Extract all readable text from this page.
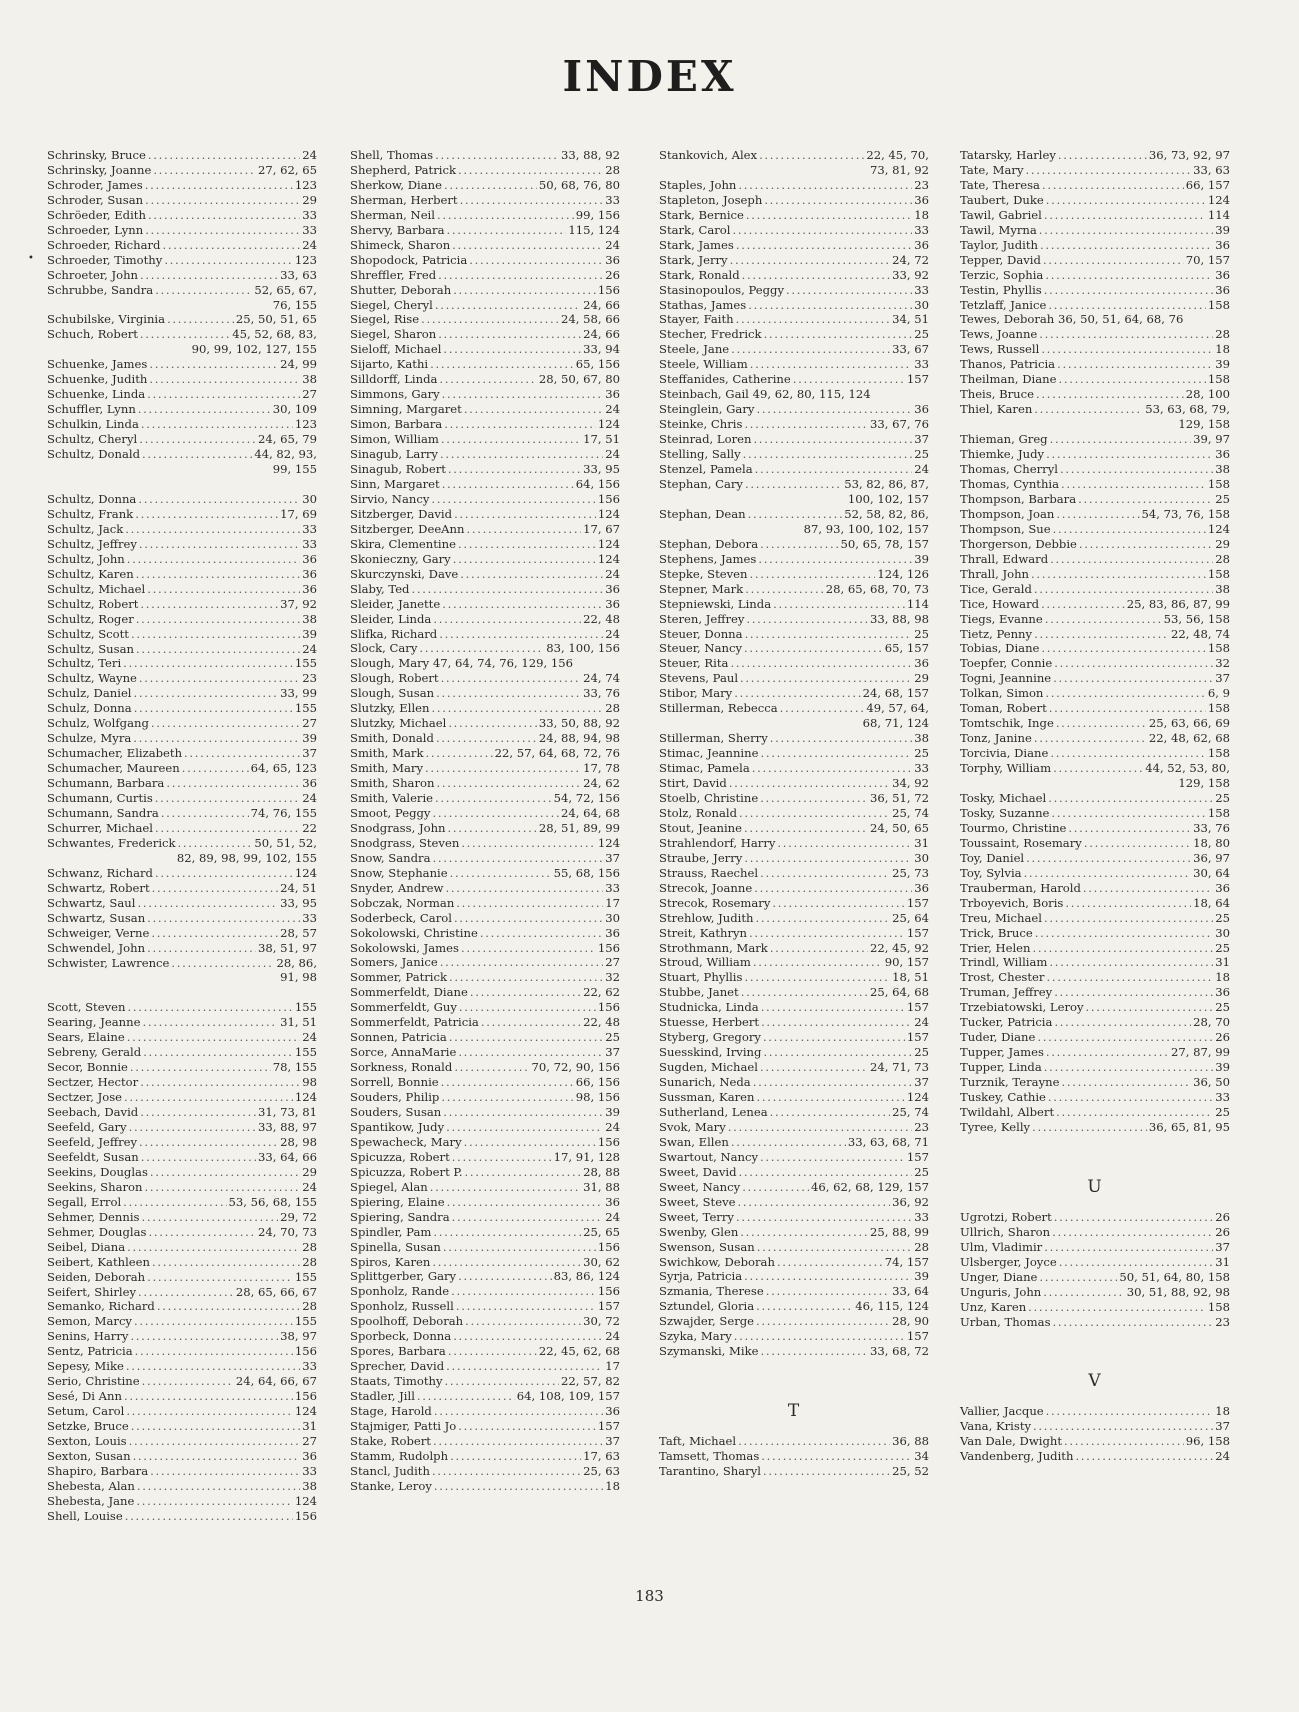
INDEX
•
Schrinsky, Bruce . . .	24
Schrinsky, Joanne . . .	27, 62, 65
Schroder, James . . .	123
Schroder, Susan . . .	29
Schröeder, Edith . . .	33
Schroeder, Lynn . . .	33
Schroeder, Richard . . .	24
Schroeder, Timothy . . .	123
Schroeter, John . . .	33, 63
Schrubbe, Sandra . . .	52, 65, 67,
76, 155
Schubilske, Virginia . . .	25, 50, 51, 65
Schuch, Robert . . .	45, 52, 68, 83,
90, 99, 102, 127, 155
Schuenke, James . . .	24, 99
Schuenke, Judith . . .	38
Schuenke, Linda . . .	27
Schuffler, Lynn . . .	30, 109
Schulkin, Linda . . .	123
Schultz, Cheryl . . .	24, 65, 79
Schultz, Donald . . .	44, 82, 93,
99, 155
Schultz, Donna . . .	30
Schultz, Frank . . .	17, 69
Schultz, Jack . . .	33
Schultz, Jeffrey . . .	33
Schultz, John . . .	36
Schultz, Karen . . .	36
Schultz, Michael . . .	36
Schultz, Robert . . .	37, 92
Schultz, Roger . . .	38
Schultz, Scott . . .	39
Schultz, Susan . . .	24
Schultz, Teri . . .	155
Schultz, Wayne . . .	23
Schulz, Daniel . . .	33, 99
Schulz, Donna . . .	155
Schulz, Wolfgang . . .	27
Schulze, Myra . . .	39
Schumacher, Elizabeth . . .	37
Schumacher, Maureen . . .	64, 65, 123
Schumann, Barbara . . .	36
Schumann, Curtis . . .	24
Schumann, Sandra . . .	74, 76, 155
Schurrer, Michael . . .	22
Schwantes, Frederick . . .	50, 51, 52,
82, 89, 98, 99, 102, 155
Schwanz, Richard . . .	124
Schwartz, Robert . . .	24, 51
Schwartz, Saul . . .	33, 95
Schwartz, Susan . . .	33
Schweiger, Verne . . .	28, 57
Schwendel, John . . .	38, 51, 97
Schwister, Lawrence . . .	28, 86,
91, 98
Scott, Steven . . .	155
Searing, Jeanne . . .	31, 51
Sears, Elaine . . .	24
Sebreny, Gerald . . .	155
Secor, Bonnie . . .	78, 155
Sectzer, Hector . . .	98
Sectzer, Jose . . .	124
Seebach, David . . .	31, 73, 81
Seefeld, Gary . . .	33, 88, 97
Seefeld, Jeffrey . . .	28, 98
Seefeldt, Susan . . .	33, 64, 66
Seekins, Douglas . . .	29
Seekins, Sharon . . .	24
Segall, Errol . . .	53, 56, 68, 155
Sehmer, Dennis . . .	29, 72
Sehmer, Douglas . . .	24, 70, 73
Seibel, Diana . . .	28
Seibert, Kathleen . . .	28
Seiden, Deborah . . .	155
Seifert, Shirley . . .	28, 65, 66, 67
Semanko, Richard . . .	28
Semon, Marcy . . .	155
Senins, Harry . . .	38, 97
Sentz, Patricia . . .	156
Sepesy, Mike . . .	33
Serio, Christine . . .	24, 64, 66, 67
Sesé, Di Ann . . .	156
Setum, Carol . . .	124
Setzke, Bruce . . .	31
Sexton, Louis . . .	27
Sexton, Susan . . .	36
Shapiro, Barbara . . .	33
Shebesta, Alan . . .	38
Shebesta, Jane . . .	124
Shell, Louise . . .	156
Shell, Thomas . . .	33, 88, 92
Shepherd, Patrick . . .	28
Sherkow, Diane . . .	50, 68, 76, 80
Sherman, Herbert . . .	33
Sherman, Neil . . .	99, 156
Shervy, Barbara . . .	115, 124
Shimeck, Sharon . . .	24
Shopodock, Patricia . . .	36
Shreffler, Fred . . .	26
Shutter, Deborah . . .	156
Siegel, Cheryl . . .	24, 66
Siegel, Rise . . .	24, 58, 66
Siegel, Sharon . . .	24, 66
Sieloff, Michael . . .	33, 94
Sijarto, Kathi . . .	65, 156
Silldorff, Linda . . .	28, 50, 67, 80
Simmons, Gary . . .	36
Simning, Margaret . . .	24
Simon, Barbara . . .	124
Simon, William . . .	17, 51
Sinagub, Larry . . .	24
Sinagub, Robert . . .	33, 95
Sinn, Margaret . . .	64, 156
Sirvio, Nancy . . .	156
Sitzberger, David . . .	124
Sitzberger, DeeAnn . . .	17, 67
Skira, Clementine . . .	124
Skonieczny, Gary . . .	124
Skurczynski, Dave . . .	24
Slaby, Ted . . .	36
Sleider, Janette . . .	36
Sleider, Linda . . .	22, 48
Slifka, Richard . . .	24
Slock, Cary . . .	83, 100, 156
Slough, Mary 47, 64, 74, 76, 129, 156
Slough, Robert . . .	24, 74
Slough, Susan . . .	33, 76
Slutzky, Ellen . . .	28
Slutzky, Michael . . .	33, 50, 88, 92
Smith, Donald . . .	24, 88, 94, 98
Smith, Mark . . .	22, 57, 64, 68, 72, 76
Smith, Mary . . .	17, 78
Smith, Sharon . . .	24, 62
Smith, Valerie . . .	54, 72, 156
Smoot, Peggy . . .	24, 64, 68
Snodgrass, John . . .	28, 51, 89, 99
Snodgrass, Steven . . .	124
Snow, Sandra . . .	37
Snow, Stephanie . . .	55, 68, 156
Snyder, Andrew . . .	33
Sobczak, Norman . . .	17
Soderbeck, Carol . . .	30
Sokolowski, Christine . . .	36
Sokolowski, James . . .	156
Somers, Janice . . .	27
Sommer, Patrick . . .	32
Sommerfeldt, Diane . . .	22, 62
Sommerfeldt, Guy . . .	156
Sommerfeldt, Patricia . . .	22, 48
Sonnen, Patricia . . .	25
Sorce, AnnaMarie . . .	37
Sorkness, Ronald . . .	70, 72, 90, 156
Sorrell, Bonnie . . .	66, 156
Souders, Philip . . .	98, 156
Souders, Susan . . .	39
Spantikow, Judy . . .	24
Spewacheck, Mary . . .	156
Spicuzza, Robert . . .	17, 91, 128
Spicuzza, Robert P. . . .	28, 88
Spiegel, Alan . . .	31, 88
Spiering, Elaine . . .	36
Spiering, Sandra . . .	24
Spindler, Pam . . .	25, 65
Spinella, Susan . . .	156
Spiros, Karen . . .	30, 62
Splittgerber, Gary . . .	83, 86, 124
Sponholz, Rande . . .	156
Sponholz, Russell . . .	157
Spoolhoff, Deborah . . .	30, 72
Sporbeck, Donna . . .	24
Spores, Barbara . . .	22, 45, 62, 68
Sprecher, David . . .	17
Staats, Timothy . . .	22, 57, 82
Stadler, Jill . . .	64, 108, 109, 157
Stage, Harold . . .	36
Stajmiger, Patti Jo . . .	157
Stake, Robert . . .	37
Stamm, Rudolph . . .	17, 63
Stancl, Judith . . .	25, 63
Stanke, Leroy . . .	18
Stankovich, Alex . . .	22, 45, 70,
73, 81, 92
Staples, John . . .	23
Stapleton, Joseph . . .	36
Stark, Bernice . . .	18
Stark, Carol . . .	33
Stark, James . . .	36
Stark, Jerry . . .	24, 72
Stark, Ronald . . .	33, 92
Stasinopoulos, Peggy . . .	33
Stathas, James . . .	30
Stayer, Faith . . .	34, 51
Stecher, Fredrick . . .	25
Steele, Jane . . .	33, 67
Steele, William . . .	33
Steffanides, Catherine . . .	157
Steinbach, Gail 49, 62, 80, 115, 124
Steinglein, Gary . . .	36
Steinke, Chris . . .	33, 67, 76
Steinrad, Loren . . .	37
Stelling, Sally . . .	25
Stenzel, Pamela . . .	24
Stephan, Cary . . .	53, 82, 86, 87,
100, 102, 157
Stephan, Dean . . .	52, 58, 82, 86,
87, 93, 100, 102, 157
Stephan, Debora . . .	50, 65, 78, 157
Stephens, James . . .	39
Stepke, Steven . . .	124, 126
Stepner, Mark . . .	28, 65, 68, 70, 73
Stepniewski, Linda . . .	114
Steren, Jeffrey . . .	33, 88, 98
Steuer, Donna . . .	25
Steuer, Nancy . . .	65, 157
Steuer, Rita . . .	36
Stevens, Paul . . .	29
Stibor, Mary . . .	24, 68, 157
Stillerman, Rebecca . . .	49, 57, 64,
68, 71, 124
Stillerman, Sherry . . .	38
Stimac, Jeannine . . .	25
Stimac, Pamela . . .	33
Stirt, David . . .	34, 92
Stoelb, Christine . . .	36, 51, 72
Stolz, Ronald . . .	25, 74
Stout, Jeanine . . .	24, 50, 65
Strahlendorf, Harry . . .	31
Straube, Jerry . . .	30
Strauss, Raechel . . .	25, 73
Strecok, Joanne . . .	36
Strecok, Rosemary . . .	157
Strehlow, Judith . . .	25, 64
Streit, Kathryn . . .	157
Strothmann, Mark . . .	22, 45, 92
Stroud, William . . .	90, 157
Stuart, Phyllis . . .	18, 51
Stubbe, Janet . . .	25, 64, 68
Studnicka, Linda . . .	157
Stuesse, Herbert . . .	24
Styberg, Gregory . . .	157
Suesskind, Irving . . .	25
Sugden, Michael . . .	24, 71, 73
Sunarich, Neda . . .	37
Sussman, Karen . . .	124
Sutherland, Lenea . . .	25, 74
Svok, Mary . . .	23
Swan, Ellen . . .	33, 63, 68, 71
Swartout, Nancy . . .	157
Sweet, David . . .	25
Sweet, Nancy . . .	46, 62, 68, 129, 157
Sweet, Steve . . .	36, 92
Sweet, Terry . . .	33
Swenby, Glen . . .	25, 88, 99
Swenson, Susan . . .	28
Swichkow, Deborah . . .	74, 157
Syrja, Patricia . . .	39
Szmania, Therese . . .	33, 64
Sztundel, Gloria . . .	46, 115, 124
Szwajder, Serge . . .	28, 90
Szyka, Mary . . .	157
Szymanski, Mike . . .	33, 68, 72
T
Taft, Michael . . .	36, 88
Tamsett, Thomas . . .	34
Tarantino, Sharyl . . .	25, 52
Tatarsky, Harley . . .	36, 73, 92, 97
Tate, Mary . . .	33, 63
Tate, Theresa . . .	66, 157
Taubert, Duke . . .	124
Tawil, Gabriel . . .	114
Tawil, Myrna . . .	39
Taylor, Judith . . .	36
Tepper, David . . .	70, 157
Terzic, Sophia . . .	36
Testin, Phyllis . . .	36
Tetzlaff, Janice . . .	158
Tewes, Deborah 36, 50, 51, 64, 68, 76
Tews, Joanne . . .	28
Tews, Russell . . .	18
Thanos, Patricia . . .	39
Theilman, Diane . . .	158
Theis, Bruce . . .	28, 100
Thiel, Karen . . .	53, 63, 68, 79,
129, 158
Thieman, Greg . . .	39, 97
Thiemke, Judy . . .	36
Thomas, Cherryl . . .	38
Thomas, Cynthia . . .	158
Thompson, Barbara . . .	25
Thompson, Joan . . .	54, 73, 76, 158
Thompson, Sue . . .	124
Thorgerson, Debbie . . .	29
Thrall, Edward . . .	28
Thrall, John . . .	158
Tice, Gerald . . .	38
Tice, Howard . . .	25, 83, 86, 87, 99
Tiegs, Evanne . . .	53, 56, 158
Tietz, Penny . . .	22, 48, 74
Tobias, Diane . . .	158
Toepfer, Connie . . .	32
Togni, Jeannine . . .	37
Tolkan, Simon . . .	6, 9
Toman, Robert . . .	158
Tomtschik, Inge . . .	25, 63, 66, 69
Tonz, Janine . . .	22, 48, 62, 68
Torcivia, Diane . . .	158
Torphy, William . . .	44, 52, 53, 80,
129, 158
Tosky, Michael . . .	25
Tosky, Suzanne . . .	158
Tourmo, Christine . . .	33, 76
Toussaint, Rosemary . . .	18, 80
Toy, Daniel . . .	36, 97
Toy, Sylvia . . .	30, 64
Trauberman, Harold . . .	36
Trboyevich, Boris . . .	18, 64
Treu, Michael . . .	25
Trick, Bruce . . .	30
Trier, Helen . . .	25
Trindl, William . . .	31
Trost, Chester . . .	18
Truman, Jeffrey . . .	36
Trzebiatowski, Leroy . . .	25
Tucker, Patricia . . .	28, 70
Tuder, Diane . . .	26
Tupper, James . . .	27, 87, 99
Tupper, Linda . . .	39
Turznik, Terayne . . .	36, 50
Tuskey, Cathie . . .	33
Twildahl, Albert . . .	25
Tyree, Kelly . . .	36, 65, 81, 95
U
Ugrotzi, Robert . . .	26
Ullrich, Sharon . . .	26
Ulm, Vladimir . . .	37
Ulsberger, Joyce . . .	31
Unger, Diane . . .	50, 51, 64, 80, 158
Unguris, John . . .	30, 51, 88, 92, 98
Unz, Karen . . .	158
Urban, Thomas . . .	23
V
Vallier, Jacque . . .	18
Vana, Kristy . . .	37
Van Dale, Dwight . . .	96, 158
Vandenberg, Judith . . .	24
183
